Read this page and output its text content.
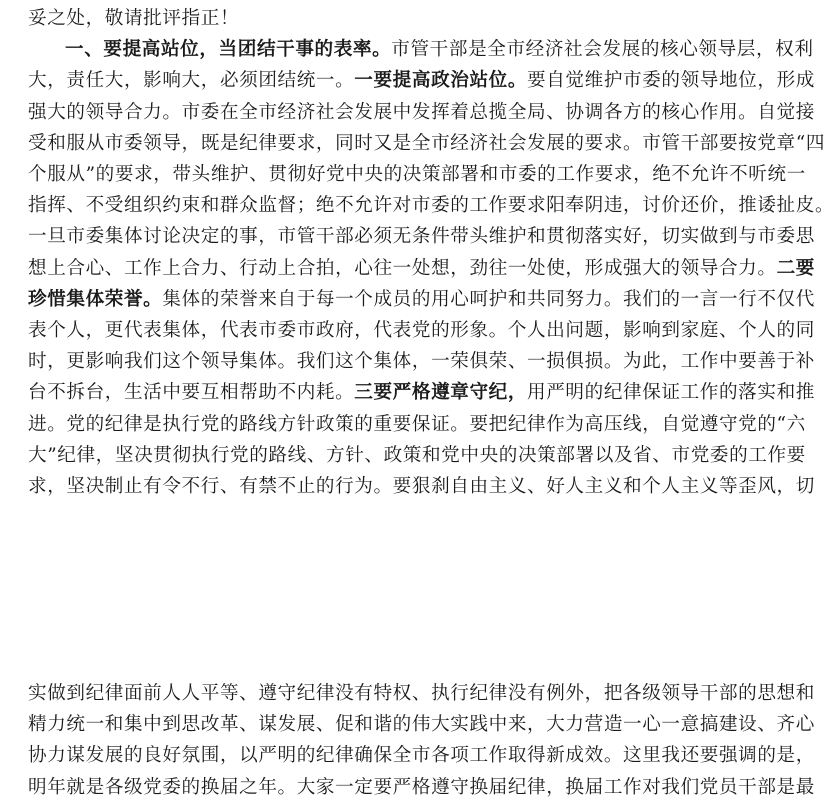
妥之处，敬请批评指正！
一、要提高站位，当团结干事的表率。市管干部是全市经济社会发展的核心领导层，权利
大，责任大，影响大，必须团结统一。一要提高政治站位。要自觉维护市委的领导地位，形成
强大的领导合力。市委在全市经济社会发展中发挥着总揽全局、协调各方的核心作用。自觉接
受和服从市委领导，既是纪律要求，同时又是全市经济社会发展的要求。市管干部要按党章“四
个服从”的要求，带头维护、贯彻好党中央的决策部署和市委的工作要求，绝不允许不听统一
指挥、不受组织约束和群众监督；绝不允许对市委的工作要求阳奉阴违，讨价还价，推诿扯皮。
一旦市委集体讨论决定的事，市管干部必须无条件带头维护和贯彻落实好，切实做到与市委思
想上合心、工作上合力、行动上合拍，心往一处想，劲往一处使，形成强大的领导合力。二要
珍惜集体荣誉。集体的荣誉来自于每一个成员的用心呵护和共同努力。我们的一言一行不仅代
表个人，更代表集体，代表市委市政府，代表党的形象。个人出问题，影响到家庭、个人的同
时，更影响我们这个领导集体。我们这个集体，一荣俱荣、一损俱损。为此，工作中要善于补
台不拆台，生活中要互相帮助不内耗。三要严格遵章守纪，用严明的纪律保证工作的落实和推
进。党的纪律是执行党的路线方针政策的重要保证。要把纪律作为高压线，自觉遵守党的“六
大”纪律，坚决贯彻执行党的路线、方针、政策和党中央的决策部署以及省、市党委的工作要
求，坚决制止有令不行、有禁不止的行为。要狠刹自由主义、好人主义和个人主义等歪风，切
实做到纪律面前人人平等、遵守纪律没有特权、执行纪律没有例外，把各级领导干部的思想和
精力统一和集中到思改革、谋发展、促和谐的伟大实践中来，大力营造一心一意搞建设、齐心
协力谋发展的良好氛围，以严明的纪律确保全市各项工作取得新成效。这里我还要强调的是，
明年就是各级党委的换届之年。大家一定要严格遵守换届纪律，换届工作对我们党员干部是最
